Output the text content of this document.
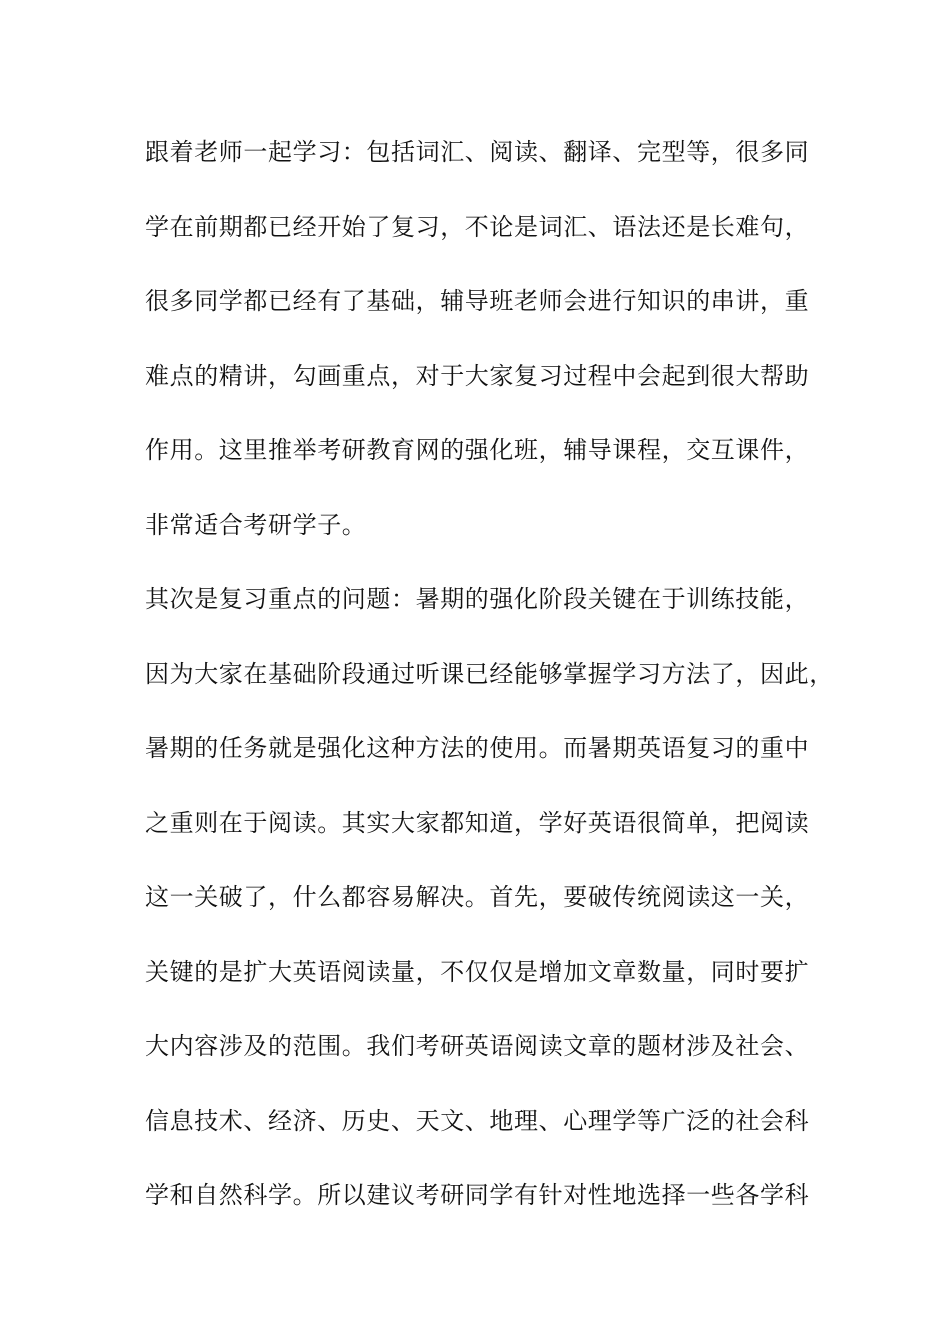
跟着老师一起学习：包括词汇、阅读、翻译、完型等，很多同
学在前期都已经开始了复习，不论是词汇、语法还是长难句，
很多同学都已经有了基础，辅导班老师会进行知识的串讲，重
难点的精讲，勾画重点，对于大家复习过程中会起到很大帮助
作用。这里推举考研教育网的强化班，辅导课程，交互课件，
非常适合考研学子。
其次是复习重点的问题：暑期的强化阶段关键在于训练技能，
因为大家在基础阶段通过听课已经能够掌握学习方法了，因此，
暑期的任务就是强化这种方法的使用。而暑期英语复习的重中
之重则在于阅读。其实大家都知道，学好英语很简单，把阅读
这一关破了，什么都容易解决。首先，要破传统阅读这一关，
关键的是扩大英语阅读量，不仅仅是增加文章数量，同时要扩
大内容涉及的范围。我们考研英语阅读文章的题材涉及社会、
信息技术、经济、历史、天文、地理、心理学等广泛的社会科
学和自然科学。所以建议考研同学有针对性地选择一些各学科
